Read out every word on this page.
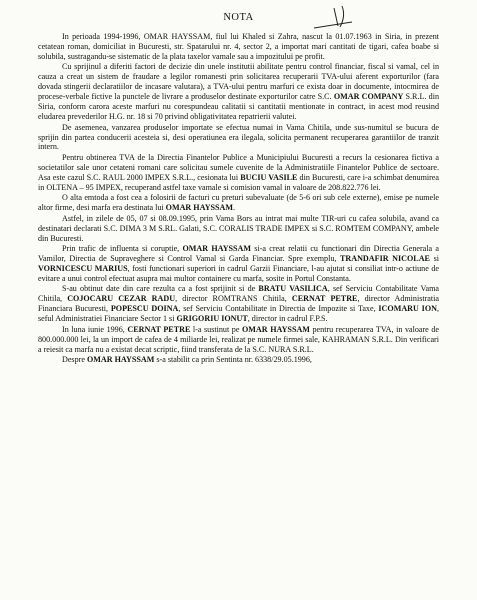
NOTA

In perioada 1994-1996, OMAR HAYSSAM, fiul lui Khaled si Zahra, nascut la 01.07.1963 in Siria, in prezent cetatean roman, domiciliat in Bucuresti, str. Spatarului nr. 4, sector 2, a importat mari cantitati de tigari, cafea boabe si solubila, sustragandu-se sistematic de la plata taxelor vamale sau a impozitului pe profit.

Cu sprijinul a diferiti factori de decizie din unele institutii abilitate pentru control financiar, fiscal si vamal, cel in cauza a creat un sistem de fraudare a legilor romanesti prin solicitarea recuperarii TVA-ului aferent exporturilor (fara dovada stingerii declaratiilor de incasare valutara), a TVA-ului pentru marfuri ce exista doar in documente, intocmirea de procese-verbale fictive la punctele de livrare a produselor destinate exporturilor catre S.C. OMAR COMPANY S.R.L. din Siria, conform carora aceste marfuri nu corespundeau calitatii si cantitatii mentionate in contract, in acest mod reusind eludarea prevederilor H.G. nr. 18 si 70 privind obligativitatea repatrierii valutei.

De asemenea, vanzarea produselor importate se efectua numai in Vama Chitila, unde sus-numitul se bucura de sprijin din partea conducerii acesteia si, desi operatiunea era ilegala, solicita permanent recuperarea garantiilor de tranzit intern.

Pentru obtinerea TVA de la Directia Finantelor Publice a Municipiului Bucuresti a recurs la cesionarea fictiva a societatilor sale unor cetateni romani care solicitau sumele cuvenite de la Administratiile Finantelor Publice de sectoare. Asa este cazul S.C. RAUL 2000 IMPEX S.R.L., cesionata lui BUCIU VASILE din Bucuresti, care i-a schimbat denumirea in OLTENA – 95 IMPEX, recuperand astfel taxe vamale si comision vamal in valoare de 208.822.776 lei.

O alta emtoda a fost cea a folosirii de facturi cu preturi subevaluate (de 5-6 ori sub cele externe), emise pe numele altor firme, desi marfa era destinata lui OMAR HAYSSAM.

Astfel, in zilele de 05, 07 si 08.09.1995, prin Vama Bors au intrat mai multe TIR-uri cu cafea solubila, avand ca destinatari declarati S.C. DIMA 3 M S.RL. Galati, S.C. CORALIS TRADE IMPEX si S.C. ROMTEM COMPANY, ambele din Bucuresti.

Prin trafic de influenta si coruptie, OMAR HAYSSAM si-a creat relatii cu functionari din Directia Generala a Vamilor, Directia de Supraveghere si Control Vamal si Garda Financiar. Spre exemplu, TRANDAFIR NICOLAE si VORNICESCU MARIUS, fosti functionari superiori in cadrul Garzii Financiare, l-au ajutat si consiliat intr-o actiune de evitare a unui control efectuat asupra mai multor containere cu marfa, sosite in Portul Constanta.

S-au obtinut date din care rezulta ca a fost sprijinit si de BRATU VASILICA, sef Serviciu Contabilitate Vama Chitila, COJOCARU CEZAR RADU, director ROMTRANS Chitila, CERNAT PETRE, director Administratia Financiara Bucuresti, POPESCU DOINA, sef Serviciu Contabilitate in Directia de Impozite si Taxe, ICOMARU ION, seful Administratiei Financiare Sector 1 si GRIGORIU IONUT, director in cadrul F.P.S.

In luna iunie 1996, CERNAT PETRE l-a sustinut pe OMAR HAYSSAM pentru recuperarea TVA, in valoare de 800.000.000 lei, la un import de cafea de 4 miliarde lei, realizat pe numele firmei sale, KAHRAMAN S.R.L. Din verificari a reiesit ca marfa nu a existat decat scriptic, fiind transferata de la S.C. NURA S.R.L.

Despre OMAR HAYSSAM s-a stabilit ca prin Sentinta nr. 6338/29.05.1996,
